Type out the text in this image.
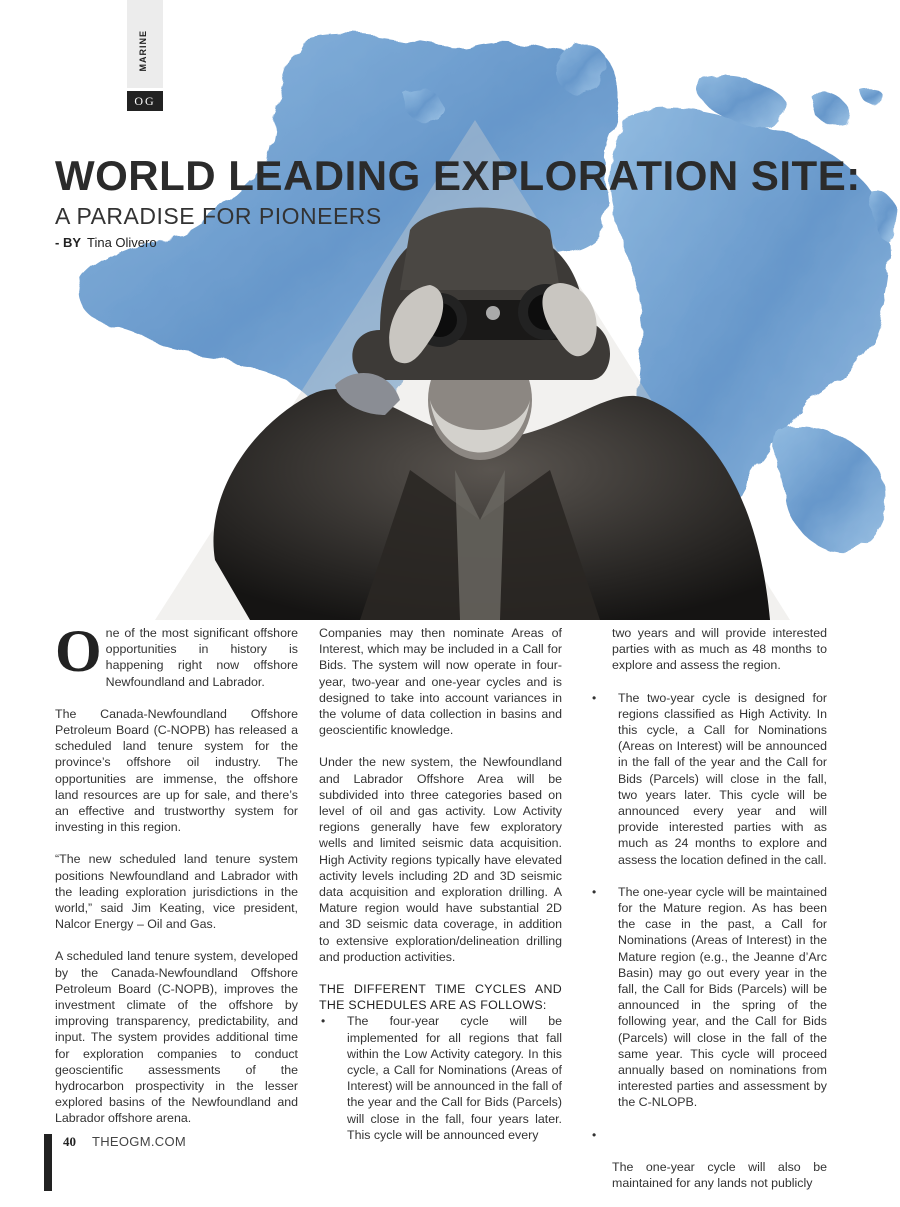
MARINE
OG
WORLD LEADING EXPLORATION SITE:
A PARADISE FOR PIONEERS
- BY Tina Olivero

One of the most significant offshore opportunities in history is happening right now offshore Newfoundland and Labrador.

The Canada-Newfoundland Offshore Petroleum Board (C-NOPB) has released a scheduled land tenure system for the province’s offshore oil industry. The opportunities are immense, the offshore land resources are up for sale, and there’s an effective and trustworthy system for investing in this region.

“The new scheduled land tenure system positions Newfoundland and Labrador with the leading exploration jurisdictions in the world,” said Jim Keating, vice president, Nalcor Energy – Oil and Gas.

A scheduled land tenure system, developed by the Canada-Newfoundland Offshore Petroleum Board (C-NOPB), improves the investment climate of the offshore by improving transparency, predictability, and input. The system provides additional time for exploration companies to conduct geoscientific assessments of the hydrocarbon prospectivity in the lesser explored basins of the Newfoundland and Labrador offshore arena.

Companies may then nominate Areas of Interest, which may be included in a Call for Bids. The system will now operate in four-year, two-year and one-year cycles and is designed to take into account variances in the volume of data collection in basins and geoscientific knowledge.

Under the new system, the Newfoundland and Labrador Offshore Area will be subdivided into three categories based on level of oil and gas activity. Low Activity regions generally have few exploratory wells and limited seismic data acquisition. High Activity regions typically have elevated activity levels including 2D and 3D seismic data acquisition and exploration drilling. A Mature region would have substantial 2D and 3D seismic data coverage, in addition to extensive exploration/delineation drilling and production activities.

THE DIFFERENT TIME CYCLES AND THE SCHEDULES ARE AS FOLLOWS:
• The four-year cycle will be implemented for all regions that fall within the Low Activity category. In this cycle, a Call for Nominations (Areas of Interest) will be announced in the fall of the year and the Call for Bids (Parcels) will close in the fall, four years later. This cycle will be announced every

two years and will provide interested parties with as much as 48 months to explore and assess the region.

• The two-year cycle is designed for regions classified as High Activity. In this cycle, a Call for Nominations (Areas on Interest) will be announced in the fall of the year and the Call for Bids (Parcels) will close in the fall, two years later. This cycle will be announced every year and will provide interested parties with as much as 24 months to explore and assess the location defined in the call.
• The one-year cycle will be maintained for the Mature region. As has been the case in the past, a Call for Nominations (Areas of Interest) in the Mature region (e.g., the Jeanne d’Arc Basin) may go out every year in the fall, the Call for Bids (Parcels) will be announced in the spring of the following year, and the Call for Bids (Parcels) will close in the fall of the same year. This cycle will proceed annually based on nominations from interested parties and assessment by the C-NLOPB.
•

The one-year cycle will also be maintained for any lands not publicly

40 THEOGM.COM
